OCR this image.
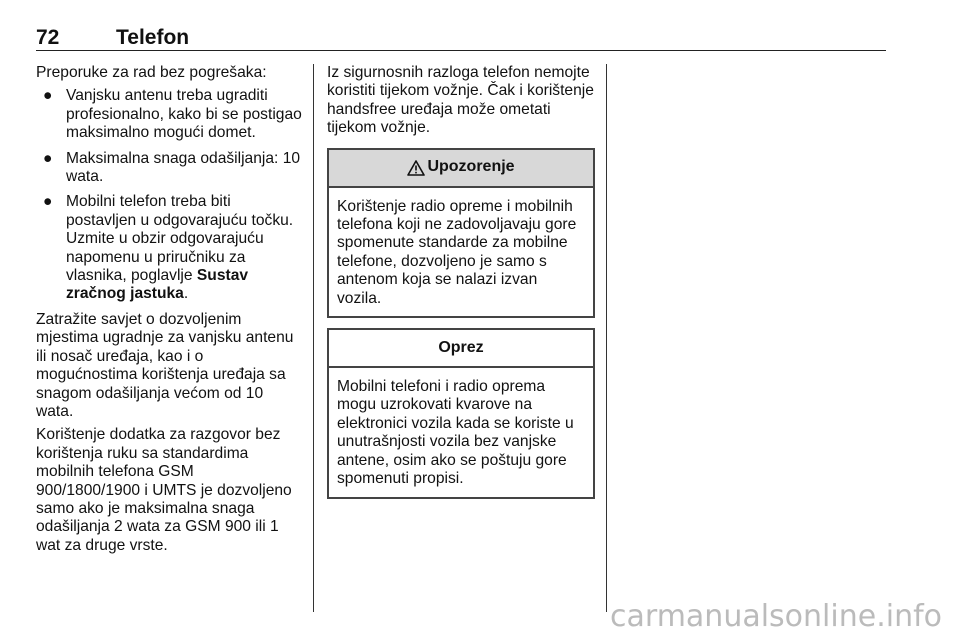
72	Telefon

Preporuke za rad bez pogrešaka:

● Vanjsku antenu treba ugraditi profesionalno, kako bi se postigao maksimalno mogući domet.
● Maksimalna snaga odašiljanja: 10 wata.
● Mobilni telefon treba biti postavljen u odgovarajuću točku. Uzmite u obzir odgovarajuću napomenu u priručniku za vlasnika, poglavlje Sustav zračnog jastuka.

Zatražite savjet o dozvoljenim mjestima ugradnje za vanjsku antenu ili nosač uređaja, kao i o mogućnostima korištenja uređaja sa snagom odašiljanja većom od 10 wata.

Korištenje dodatka za razgovor bez korištenja ruku sa standardima mobilnih telefona GSM 900/1800/1900 i UMTS je dozvoljeno samo ako je maksimalna snaga odašiljanja 2 wata za GSM 900 ili 1 wat za druge vrste.

Iz sigurnosnih razloga telefon nemojte koristiti tijekom vožnje. Čak i korištenje handsfree uređaja može ometati tijekom vožnje.

Upozorenje
Korištenje radio opreme i mobilnih telefona koji ne zadovoljavaju gore spomenute standarde za mobilne telefone, dozvoljeno je samo s antenom koja se nalazi izvan vozila.
Oprez
Mobilni telefoni i radio oprema mogu uzrokovati kvarove na elektronici vozila kada se koriste u unutrašnjosti vozila bez vanjske antene, osim ako se poštuju gore spomenuti propisi.
carmanualsonline.info
